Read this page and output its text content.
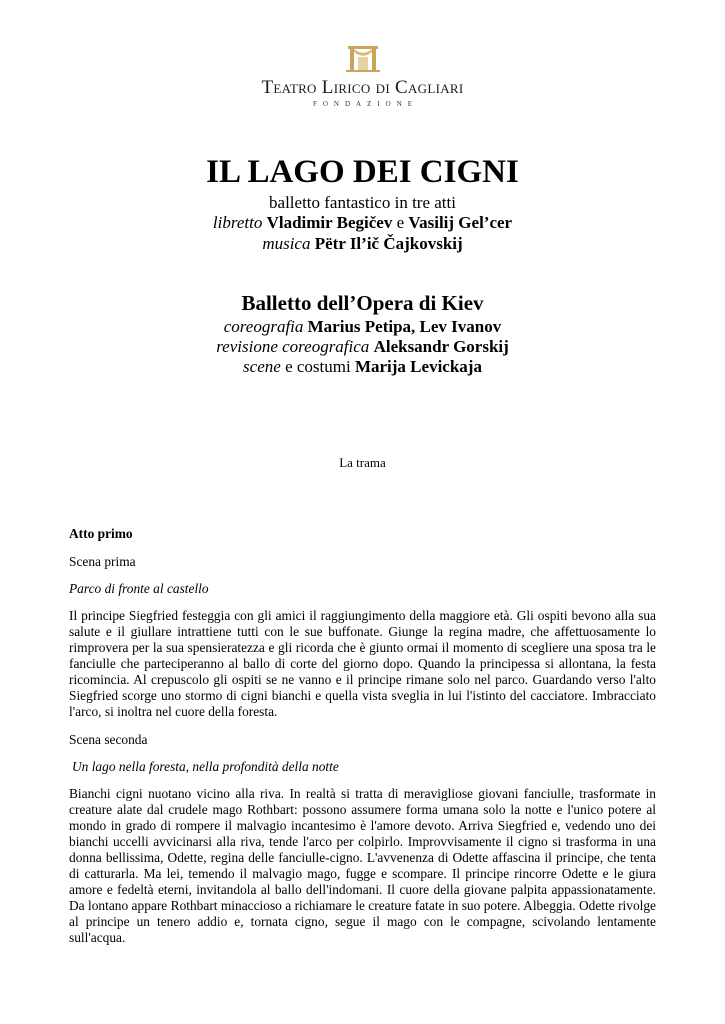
Teatro Lirico di Cagliari
FONDAZIONE
IL LAGO DEI CIGNI
balletto fantastico in tre atti
libretto Vladimir Begičev e Vasilij Gel’cer
musica Pëtr Il’ič Čajkovskij
Balletto dell’Opera di Kiev
coreografia Marius Petipa, Lev Ivanov
revisione coreografica Aleksandr Gorskij
scene e costumi Marija Levickaja
La trama
Atto primo
Scena prima
Parco di fronte al castello
Il principe Siegfried festeggia con gli amici il raggiungimento della maggiore età. Gli ospiti bevono alla sua salute e il giullare intrattiene tutti con le sue buffonate. Giunge la regina madre, che affettuosamente lo rimprovera per la sua spensieratezza e gli ricorda che è giunto ormai il momento di scegliere una sposa tra le fanciulle che parteciperanno al ballo di corte del giorno dopo. Quando la principessa si allontana, la festa ricomincia. Al crepuscolo gli ospiti se ne vanno e il principe rimane solo nel parco. Guardando verso l'alto Siegfried scorge uno stormo di cigni bianchi e quella vista sveglia in lui l'istinto del cacciatore. Imbracciato l'arco, si inoltra nel cuore della foresta.
Scena seconda
Un lago nella foresta, nella profondità della notte
Bianchi cigni nuotano vicino alla riva. In realtà si tratta di meravigliose giovani fanciulle, trasformate in creature alate dal crudele mago Rothbart: possono assumere forma umana solo la notte e l'unico potere al mondo in grado di rompere il malvagio incantesimo è l'amore devoto. Arriva Siegfried e, vedendo uno dei bianchi uccelli avvicinarsi alla riva, tende l'arco per colpirlo. Improvvisamente il cigno si trasforma in una donna bellissima, Odette, regina delle fanciulle-cigno. L'avvenenza di Odette affascina il principe, che tenta di catturarla. Ma lei, temendo il malvagio mago, fugge e scompare. Il principe rincorre Odette e le giura amore e fedeltà eterni, invitandola al ballo dell'indomani. Il cuore della giovane palpita appassionatamente. Da lontano appare Rothbart minaccioso a richiamare le creature fatate in suo potere. Albeggia. Odette rivolge al principe un tenero addio e, tornata cigno, segue il mago con le compagne, scivolando lentamente sull'acqua.
